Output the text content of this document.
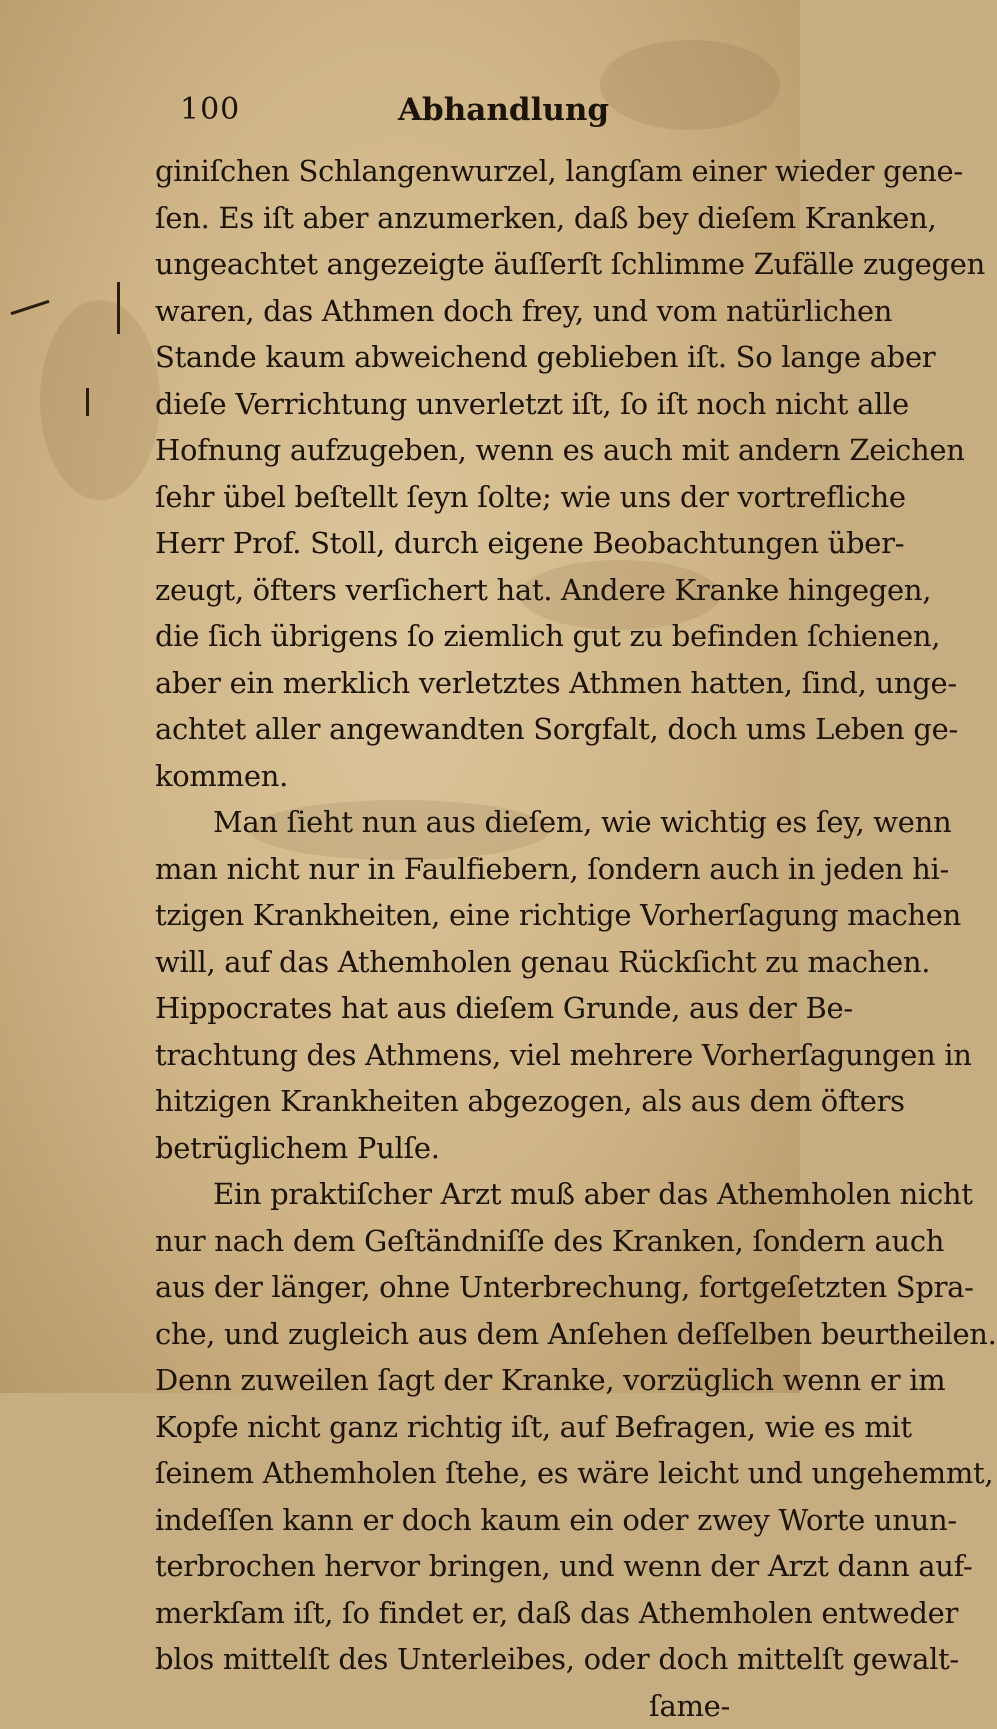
100	Abhandlung
giniſchen Schlangenwurzel, langſam einer wieder gene-
ſen. Es iſt aber anzumerken, daß bey dieſem Kranken,
ungeachtet angezeigte äuſſerſt ſchlimme Zufälle zugegen
waren, das Athmen doch frey, und vom natürlichen
Stande kaum abweichend geblieben iſt. So lange aber
dieſe Verrichtung unverletzt iſt, ſo iſt noch nicht alle
Hofnung aufzugeben, wenn es auch mit andern Zeichen
ſehr übel beſtellt ſeyn ſolte; wie uns der vortrefliche
Herr Prof. Stoll, durch eigene Beobachtungen über-
zeugt, öfters verſichert hat. Andere Kranke hingegen,
die ſich übrigens ſo ziemlich gut zu befinden ſchienen,
aber ein merklich verletztes Athmen hatten, ſind, unge-
achtet aller angewandten Sorgfalt, doch ums Leben ge-
kommen.
Man ſieht nun aus dieſem, wie wichtig es ſey, wenn
man nicht nur in Faulfiebern, ſondern auch in jeden hi-
tzigen Krankheiten, eine richtige Vorherſagung machen
will, auf das Athemholen genau Rückſicht zu machen.
Hippocrates hat aus dieſem Grunde, aus der Be-
trachtung des Athmens, viel mehrere Vorherſagungen in
hitzigen Krankheiten abgezogen, als aus dem öfters
betrüglichem Pulſe.
Ein praktiſcher Arzt muß aber das Athemholen nicht
nur nach dem Geſtändniſſe des Kranken, ſondern auch
aus der länger, ohne Unterbrechung, fortgeſetzten Spra-
che, und zugleich aus dem Anſehen deſſelben beurtheilen.
Denn zuweilen ſagt der Kranke, vorzüglich wenn er im
Kopfe nicht ganz richtig iſt, auf Befragen, wie es mit
ſeinem Athemholen ſtehe, es wäre leicht und ungehemmt,
indeſſen kann er doch kaum ein oder zwey Worte unun-
terbrochen hervor bringen, und wenn der Arzt dann auf-
merkſam iſt, ſo findet er, daß das Athemholen entweder
blos mittelſt des Unterleibes, oder doch mittelſt gewalt-
ſame-
